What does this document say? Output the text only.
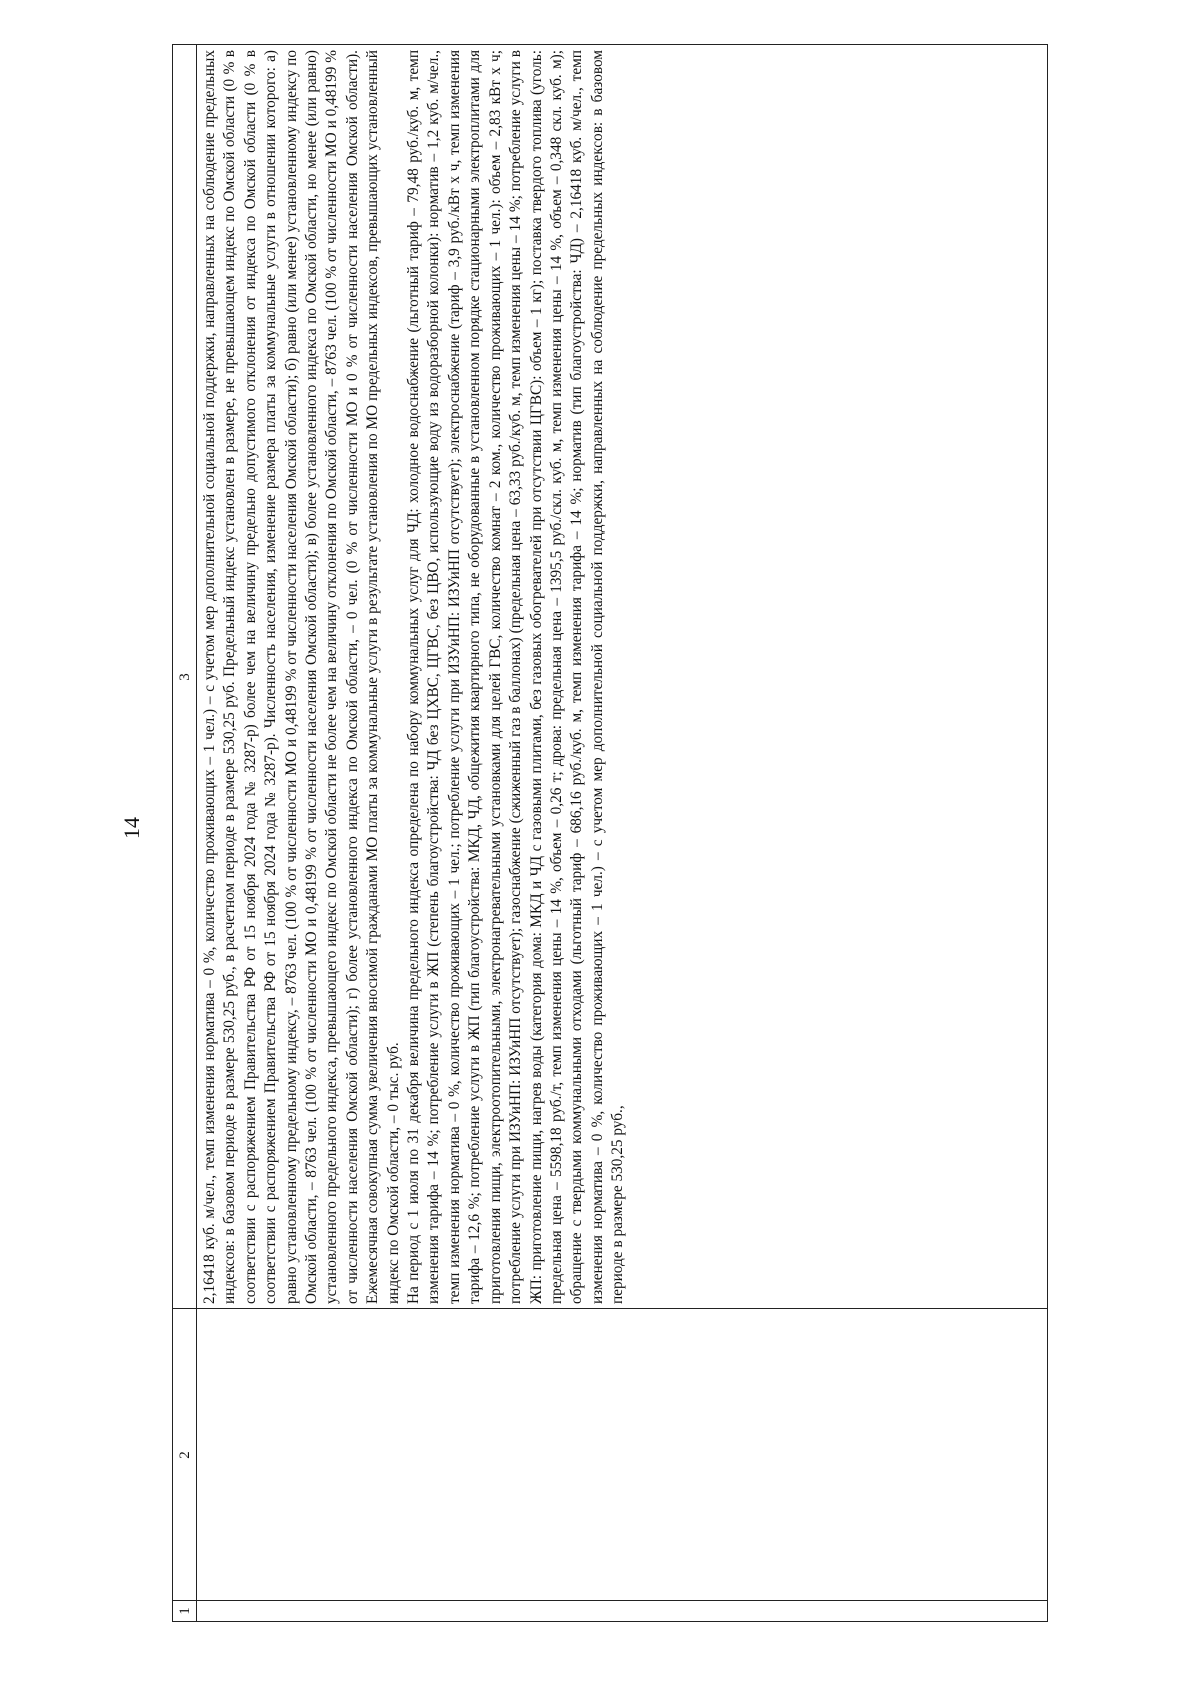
14
1
2
3 2,16418 куб. м/чел., темп изменения норматива – 0 %, количество проживающих – 1 чел.) – с учетом мер дополнительной социальной поддержки, направленных на соблюдение предельных индексов: в базовом периоде в размере 530,25 руб., в расчетном периоде в размере 530,25 руб. Предельный индекс установлен в размере, не превышающем индекс по Омской области (0 % в соответствии с распоряжением Правительства РФ от 15 ноября 2024 года № 3287-р) более чем на величину предельно допустимого отклонения от индекса по Омской области (0 % в соответствии с распоряжением Правительства РФ от 15 ноября 2024 года № 3287-р). Численность населения, изменение размера платы за коммунальные услуги в отношении которого: а) равно установленному предельному индексу, – 8763 чел. (100 % от численности МО и 0,48199 % от численности населения Омской области); б) равно (или менее) установленному индексу по Омской области, – 8763 чел. (100 % от численности МО и 0,48199 % от численности населения Омской области); в) более установленного индекса по Омской области, но менее (или равно) установленного предельного индекса, превышающего индекс по Омской области не более чем на величину отклонения по Омской области, – 8763 чел. (100 % от численности МО и 0,48199 % от численности населения Омской области); г) более установленного индекса по Омской области, – 0 чел. (0 % от численности МО и 0 % от численности населения Омской области). Ежемесячная совокупная сумма увеличения вносимой гражданами МО платы за коммунальные услуги в результате установления по МО предельных индексов, превышающих установленный индекс по Омской области, – 0 тыс. руб. На период с 1 июля по 31 декабря величина предельного индекса определена по набору коммунальных услуг для ЧД: холодное водоснабжение (льготный тариф – 79,48 руб./куб. м, темп изменения тарифа – 14 %; потребление услуги в ЖП (степень благоустройства: ЧД без ЦХВС, ЦГВС, без ЦВО, использующие воду из водоразборной колонки): норматив – 1,2 куб. м/чел., темп изменения норматива – 0 %, количество проживающих – 1 чел.; потребление услуги при ИЗУиНП: ИЗУиНП отсутствует); электроснабжение (тариф – 3,9 руб./кВт х ч, темп изменения тарифа – 12,6 %; потребление услуги в ЖП (тип благоустройства: МКД, ЧД, общежития квартирного типа, не оборудованные в установленном порядке стационарными электроплитами для приготовления пищи, электроотопительными, электронагревательными установками для целей ГВС, количество комнат – 2 ком., количество проживающих – 1 чел.): объем – 2,83 кВт х ч; потребление услуги при ИЗУиНП: ИЗУиНП отсутствует); газоснабжение (сжиженный газ в баллонах) (предельная цена – 63,33 руб./куб. м, темп изменения цены – 14 %; потребление услуги в ЖП: приготовление пищи, нагрев воды (категория дома: МКД и ЧД с газовыми плитами, без газовых обогревателей при отсутствии ЦГВС): объем – 1 кг); поставка твердого топлива (уголь: предельная цена – 5598,18 руб./т, темп изменения цены – 14 %, объем – 0,26 т; дрова: предельная цена – 1395,5 руб./скл. куб. м, темп изменения цены – 14 %, объем – 0,348 скл. куб. м); обращение с твердыми коммунальными отходами (льготный тариф – 686,16 руб./куб. м, темп изменения тарифа – 14 %; норматив (тип благоустройства: ЧД) – 2,16418 куб. м/чел., темп изменения норматива – 0 %, количество проживающих – 1 чел.) – с учетом мер дополнительной социальной поддержки, направленных на соблюдение предельных индексов: в базовом периоде в размере 530,25 руб.,
